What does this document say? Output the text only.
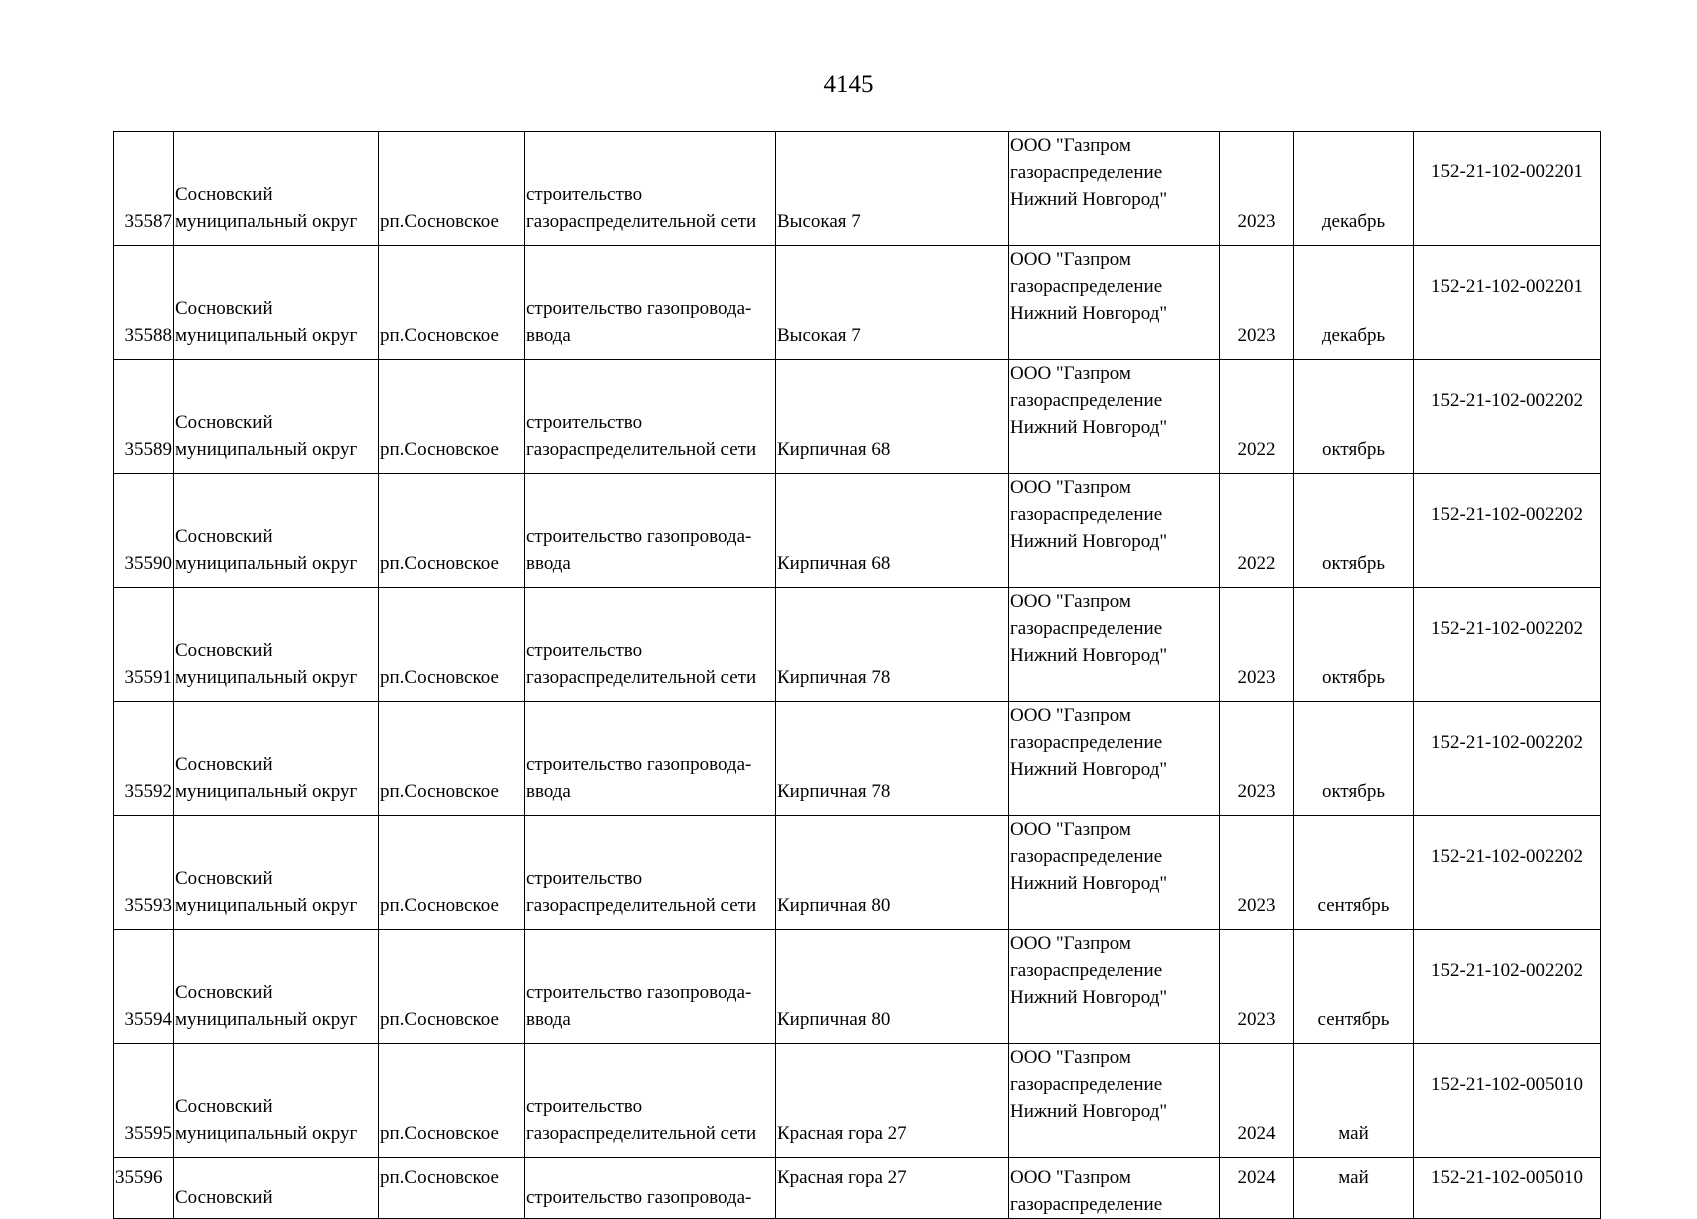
4145
35587	Сосновский
муниципальный округ	рп.Сосновское	строительство
газораспределительной сети	Высокая 7	ООО "Газпром
газораспределение
Нижний Новгород"	2023	декабрь	152-21-102-002201

35588	Сосновский
муниципальный округ	рп.Сосновское	строительство газопровода-
ввода	Высокая 7	ООО "Газпром
газораспределение
Нижний Новгород"	2023	декабрь	152-21-102-002201

35589	Сосновский
муниципальный округ	рп.Сосновское	строительство
газораспределительной сети	Кирпичная 68	ООО "Газпром
газораспределение
Нижний Новгород"	2022	октябрь	152-21-102-002202

35590	Сосновский
муниципальный округ	рп.Сосновское	строительство газопровода-
ввода	Кирпичная 68	ООО "Газпром
газораспределение
Нижний Новгород"	2022	октябрь	152-21-102-002202

35591	Сосновский
муниципальный округ	рп.Сосновское	строительство
газораспределительной сети	Кирпичная 78	ООО "Газпром
газораспределение
Нижний Новгород"	2023	октябрь	152-21-102-002202

35592	Сосновский
муниципальный округ	рп.Сосновское	строительство газопровода-
ввода	Кирпичная 78	ООО "Газпром
газораспределение
Нижний Новгород"	2023	октябрь	152-21-102-002202

35593	Сосновский
муниципальный округ	рп.Сосновское	строительство
газораспределительной сети	Кирпичная 80	ООО "Газпром
газораспределение
Нижний Новгород"	2023	сентябрь	152-21-102-002202

35594	Сосновский
муниципальный округ	рп.Сосновское	строительство газопровода-
ввода	Кирпичная 80	ООО "Газпром
газораспределение
Нижний Новгород"	2023	сентябрь	152-21-102-002202

35595	Сосновский
муниципальный округ	рп.Сосновское	строительство
газораспределительной сети	Красная гора 27	ООО "Газпром
газораспределение
Нижний Новгород"	2024	май	152-21-102-005010

35596	Сосновский	рп.Сосновское	строительство газопровода-	Красная гора 27	ООО "Газпром
газораспределение	2024	май	152-21-102-005010
